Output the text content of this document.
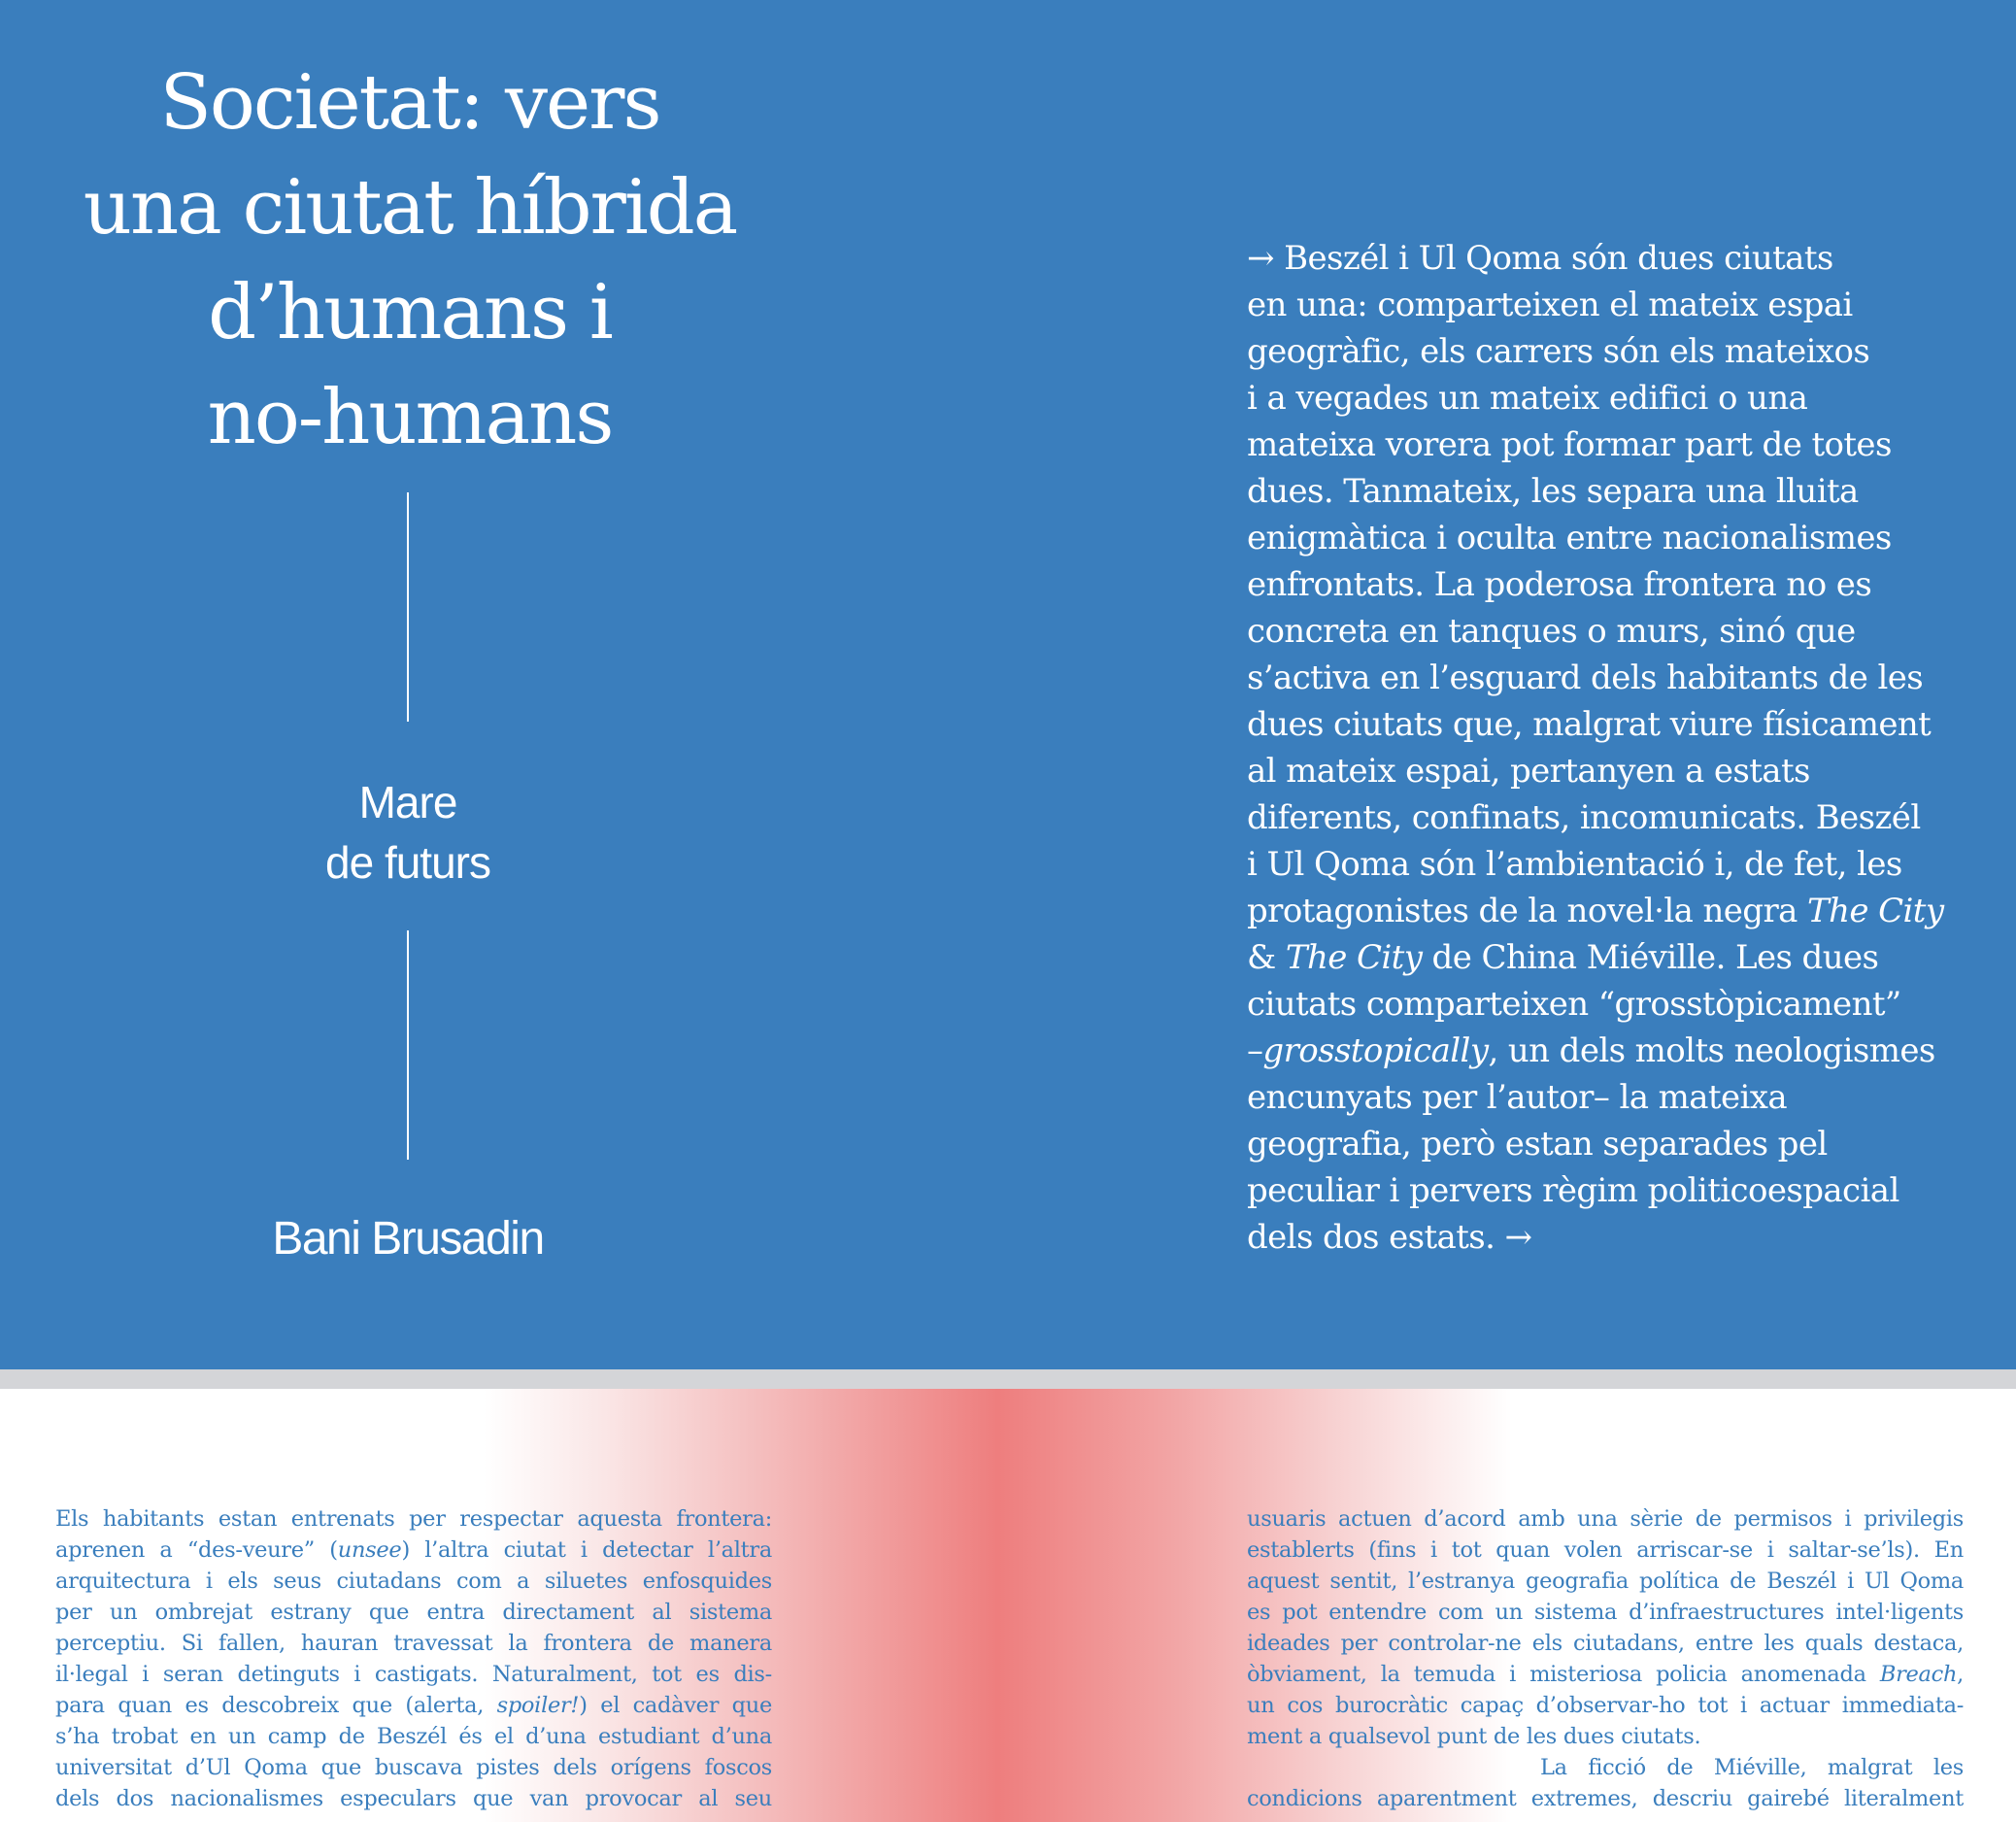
Societat: vers
una ciutat híbrida
d’humans i
no-humans
Mare
de futurs
Bani Brusadin
→ Beszél i Ul Qoma són dues ciutats
en una: comparteixen el mateix espai
geogràfic, els carrers són els mateixos
i a vegades un mateix edifici o una
mateixa vorera pot formar part de totes
dues. Tanmateix, les separa una lluita
enigmàtica i oculta entre nacionalismes
enfrontats. La poderosa frontera no es
concreta en tanques o murs, sinó que
s’activa en l’esguard dels habitants de les
dues ciutats que, malgrat viure físicament
al mateix espai, pertanyen a estats
diferents, confinats, incomunicats. Beszél
i Ul Qoma són l’ambientació i, de fet, les
protagonistes de la novel·la negra The City
& The City de China Miéville. Les dues
ciutats comparteixen “grosstòpicament”
–grosstopically, un dels molts neologismes
encunyats per l’autor– la mateixa
geografia, però estan separades pel
peculiar i pervers règim politicoespacial
dels dos estats. →
Els habitants estan entrenats per respectar aquesta frontera:
aprenen a “des-veure” (unsee) l’altra ciutat i detectar l’altra
arquitectura i els seus ciutadans com a siluetes enfosquides
per un ombrejat estrany que entra directament al sistema
perceptiu. Si fallen, hauran travessat la frontera de manera
il·legal i seran detinguts i castigats. Naturalment, tot es dis-
para quan es descobreix que (alerta, spoiler!) el cadàver que
s’ha trobat en un camp de Beszél és el d’una estudiant d’una
universitat d’Ul Qoma que buscava pistes dels orígens foscos
dels dos nacionalismes especulars que van provocar al seu
usuaris actuen d’acord amb una sèrie de permisos i privilegis
establerts (fins i tot quan volen arriscar-se i saltar-se’ls). En
aquest sentit, l’estranya geografia política de Beszél i Ul Qoma
es pot entendre com un sistema d’infraestructures intel·ligents
ideades per controlar-ne els ciutadans, entre les quals destaca,
òbviament, la temuda i misteriosa policia anomenada Breach,
un cos burocràtic capaç d’observar-ho tot i actuar immediata-
ment a qualsevol punt de les dues ciutats.
La ficció de Miéville, malgrat les
condicions aparentment extremes, descriu gairebé literalment
